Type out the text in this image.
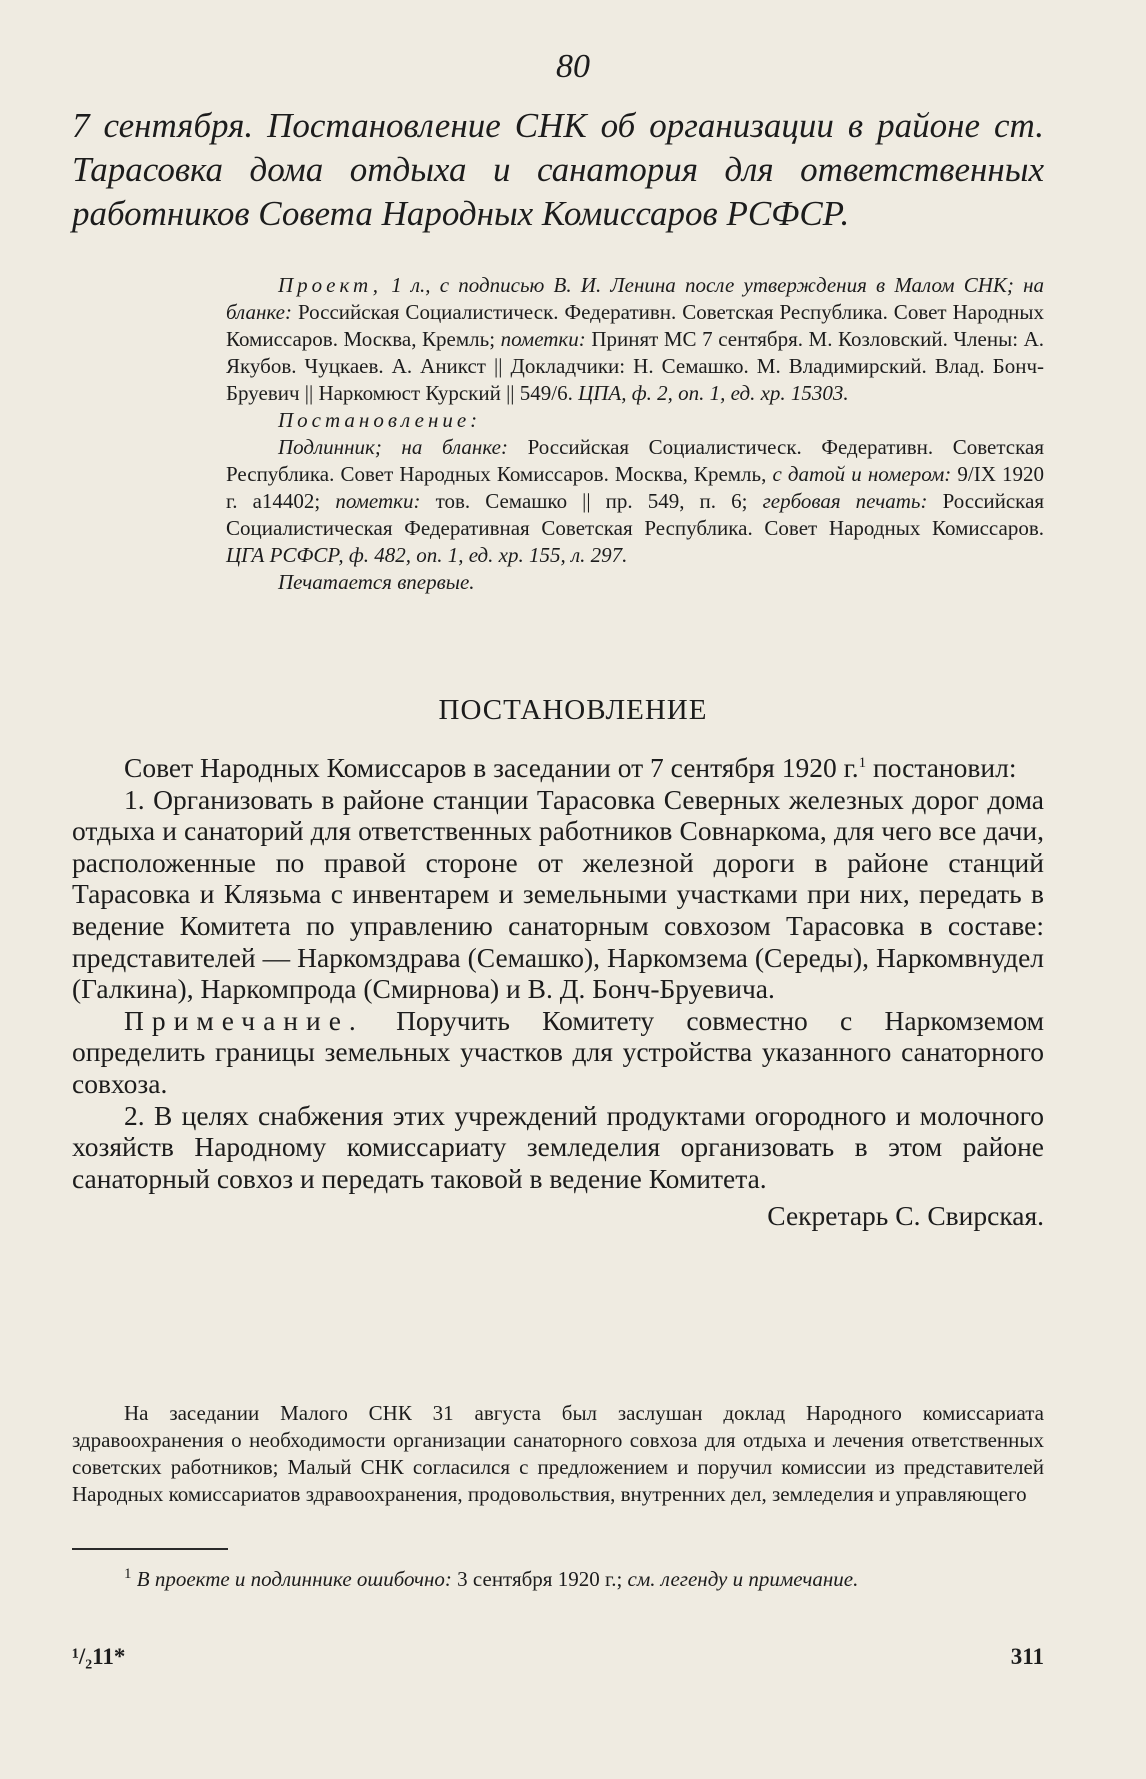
80
7 сентября. Постановление СНК об организации в районе ст. Тарасовка дома отдыха и санатория для ответственных работников Совета Народных Комиссаров РСФСР.

Проект, 1 л., с подписью В. И. Ленина после утверждения в Малом СНК; на бланке: Российская Социалистическ. Федеративн. Советская Республика. Совет Народных Комиссаров. Москва, Кремль; пометки: Принят МС 7 сентября. М. Козловский. Члены: А. Якубов. Чуцкаев. А. Аникст || Докладчики: Н. Семашко. М. Владимирский. Влад. Бонч-Бруевич || Наркомюст Курский || 549/6. ЦПА, ф. 2, оп. 1, ед. хр. 15303.

Постановление:

Подлинник; на бланке: Российская Социалистическ. Федеративн. Советская Республика. Совет Народных Комиссаров. Москва, Кремль, с датой и номером: 9/IX 1920 г. а14402; пометки: тов. Семашко || пр. 549, п. 6; гербовая печать: Российская Социалистическая Федеративная Советская Республика. Совет Народных Комиссаров. ЦГА РСФСР, ф. 482, оп. 1, ед. хр. 155, л. 297.

Печатается впервые.

ПОСТАНОВЛЕНИЕ

Совет Народных Комиссаров в заседании от 7 сентября 1920 г.$^1$ постановил:

1. Организовать в районе станции Тарасовка Северных железных дорог дома отдыха и санаторий для ответственных работников Совнаркома, для чего все дачи, расположенные по правой стороне от железной дороги в районе станций Тарасовка и Клязьма с инвентарем и земельными участками при них, передать в ведение Комитета по управлению санаторным совхозом Тарасовка в составе: представителей — Наркомздрава (Семашко), Наркомзема (Середы), Наркомвнудел (Галкина), Наркомпрода (Смирнова) и В. Д. Бонч-Бруевича.

Примечание. Поручить Комитету совместно с Наркомземом определить границы земельных участков для устройства указанного санаторного совхоза.

2. В целях снабжения этих учреждений продуктами огородного и молочного хозяйств Народному комиссариату земледелия организовать в этом районе санаторный совхоз и передать таковой в ведение Комитета.

Секретарь С. Свирская.

На заседании Малого СНК 31 августа был заслушан доклад Народного комиссариата здравоохранения о необходимости организации санаторного совхоза для отдыха и лечения ответственных советских работников; Малый СНК согласился с предложением и поручил комиссии из представителей Народных комиссариатов здравоохранения, продовольствия, внутренних дел, земледелия и управляющего

$^1$ В проекте и подлиннике ошибочно: 3 сентября 1920 г.; см. легенду и примечание.

¹/₂11*	311
